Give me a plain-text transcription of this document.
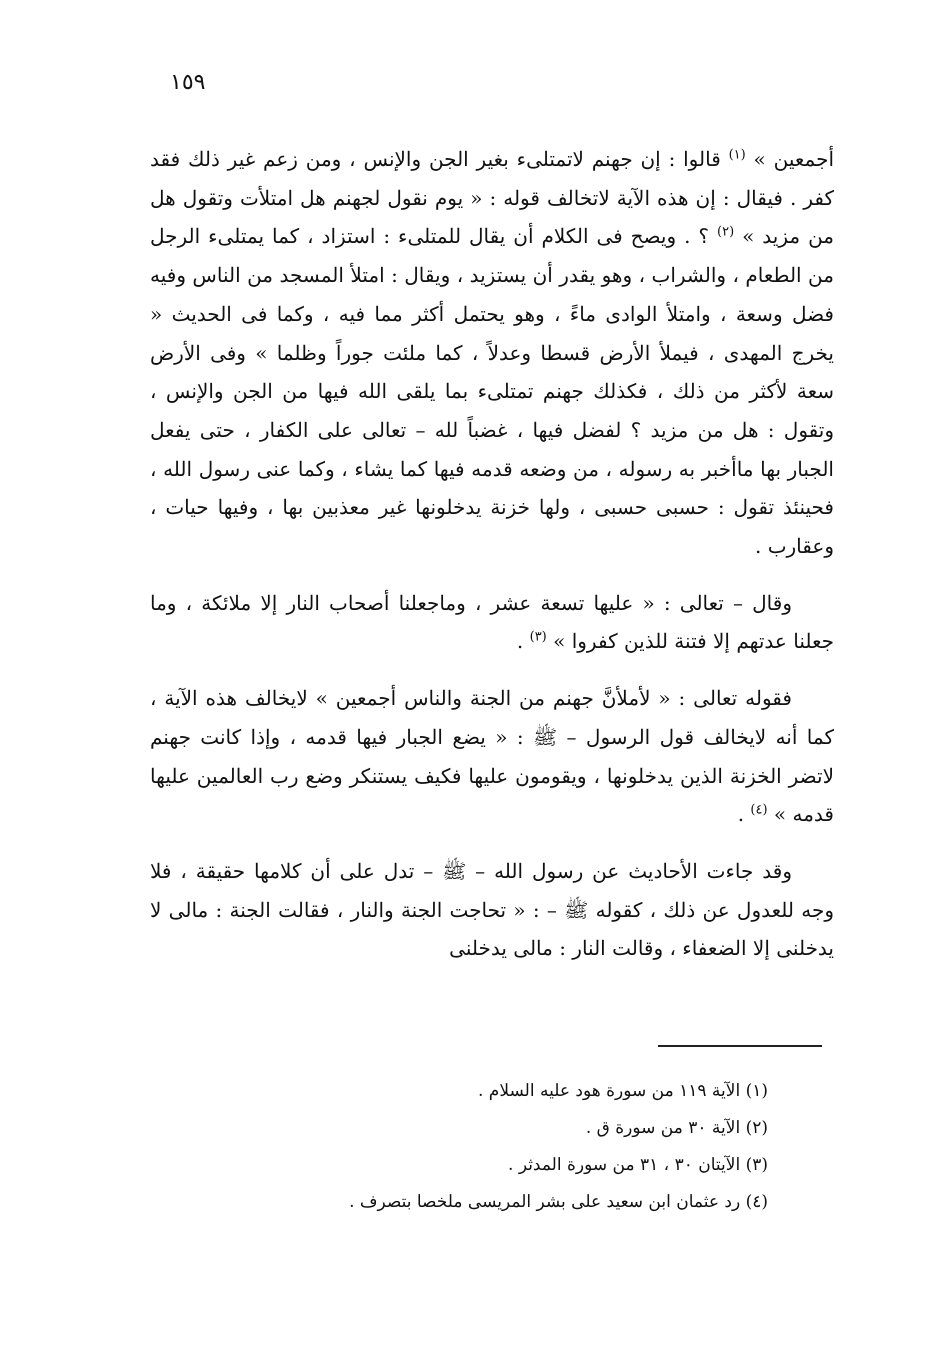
١٥٩

أجمعين » $^{(١)}$ قالوا : إن جهنم لاتمتلىء بغير الجن والإنس ، ومن زعم غير ذلك فقد كفر . فيقال : إن هذه الآية لاتخالف قوله : « يوم نقول لجهنم هل امتلأت وتقول هل من مزيد » $^{(٢)}$ ؟ . ويصح فى الكلام أن يقال للمتلىء : استزاد ، كما يمتلىء الرجل من الطعام ، والشراب ، وهو يقدر أن يستزيد ، ويقال : امتلأ المسجد من الناس وفيه فضل وسعة ، وامتلأ الوادى ماءً ، وهو يحتمل أكثر مما فيه ، وكما فى الحديث « يخرج المهدى ، فيملأ الأرض قسطا وعدلاً ، كما ملئت جوراً وظلما » وفى الأرض سعة لأكثر من ذلك ، فكذلك جهنم تمتلىء بما يلقى الله فيها من الجن والإنس ، وتقول : هل من مزيد ؟ لفضل فيها ، غضباً لله – تعالى على الكفار ، حتى يفعل الجبار بها ماأخبر به رسوله ، من وضعه قدمه فيها كما يشاء ، وكما عنى رسول الله ، فحينئذ تقول : حسبى حسبى ، ولها خزنة يدخلونها غير معذبين بها ، وفيها حيات ، وعقارب .

وقال – تعالى : « عليها تسعة عشر ، وماجعلنا أصحاب النار إلا ملائكة ، وما جعلنا عدتهم إلا فتنة للذين كفروا » $^{(٣)}$ .

فقوله تعالى : « لأملأنَّ جهنم من الجنة والناس أجمعين » لايخالف هذه الآية ، كما أنه لايخالف قول الرسول – ﷺ : « يضع الجبار فيها قدمه ، وإذا كانت جهنم لاتضر الخزنة الذين يدخلونها ، ويقومون عليها فكيف يستنكر وضع رب العالمين عليها قدمه » $^{(٤)}$ .

وقد جاءت الأحاديث عن رسول الله – ﷺ – تدل على أن كلامها حقيقة ، فلا وجه للعدول عن ذلك ، كقوله ﷺ – : « تحاجت الجنة والنار ، فقالت الجنة : مالى لا يدخلنى إلا الضعفاء ، وقالت النار : مالى يدخلنى

(١) الآية ١١٩ من سورة هود عليه السلام .
(٢) الآية ٣٠ من سورة ق .
(٣) الآيتان ٣٠ ، ٣١ من سورة المدثر .
(٤) رد عثمان ابن سعيد على بشر المريسى ملخصا بتصرف .
